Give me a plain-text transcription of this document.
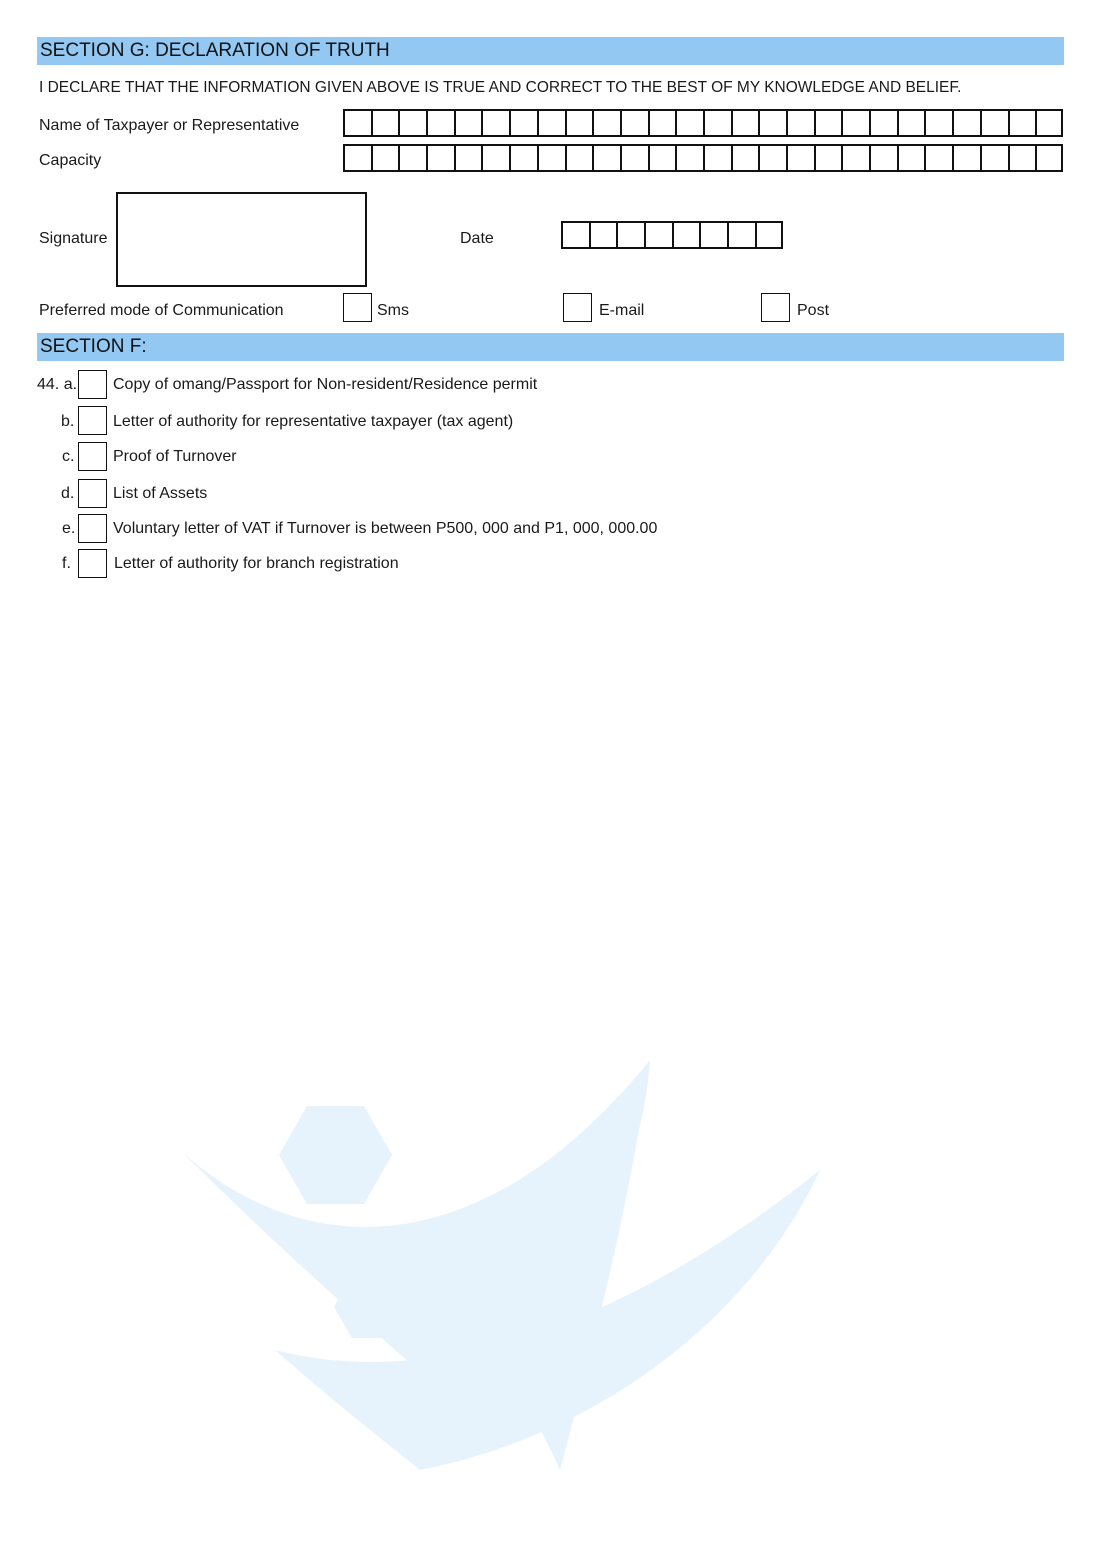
SECTION G: DECLARATION OF TRUTH
I DECLARE THAT THE INFORMATION GIVEN ABOVE IS TRUE AND CORRECT TO THE BEST OF MY KNOWLEDGE AND BELIEF.
Name of Taxpayer or Representative
Capacity
Signature	Date
Preferred mode of Communication	Sms	E-mail	Post
SECTION F:
44. a. Copy of omang/Passport for Non-resident/Residence permit
b. Letter of authority for representative taxpayer (tax agent)
c. Proof of Turnover
d. List of Assets
e. Voluntary letter of VAT if Turnover is between P500, 000 and P1, 000, 000.00
f.	Letter of authority for branch registration
